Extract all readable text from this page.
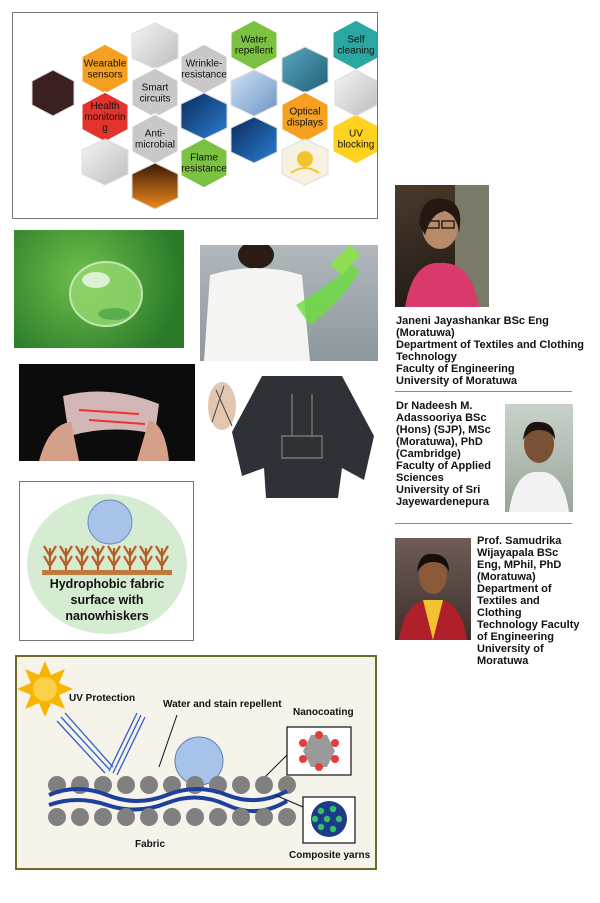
Wearable
sensors
Smart
circuits
Wrinkle-
resistance
Water
repellent
Self
cleaning
Health
monitorin
g	Anti-
microbial
Optical
displays
UV
blocking
Flame
resistance
Janeni Jayashankar BSc Eng
(Moratuwa)
Department of Textiles and Clothing
Technology
Faculty of Engineering
University of Moratuwa
Dr Nadeesh M.
Adassooriya BSc
(Hons) (SJP), MSc
(Moratuwa), PhD
(Cambridge)
Faculty of Applied
Sciences
University of Sri
Jayewardenepura
Prof. Samudrika
Wijayapala BSc
Eng, MPhil, PhD
(Moratuwa)
Department of
Textiles and
Clothing
Technology Faculty
of Engineering
University of
Moratuwa
Hydrophobic fabric
surface with
nanowhiskers
UV Protection
Water and stain repellent
Nanocoating
Fabric
Composite yarns
